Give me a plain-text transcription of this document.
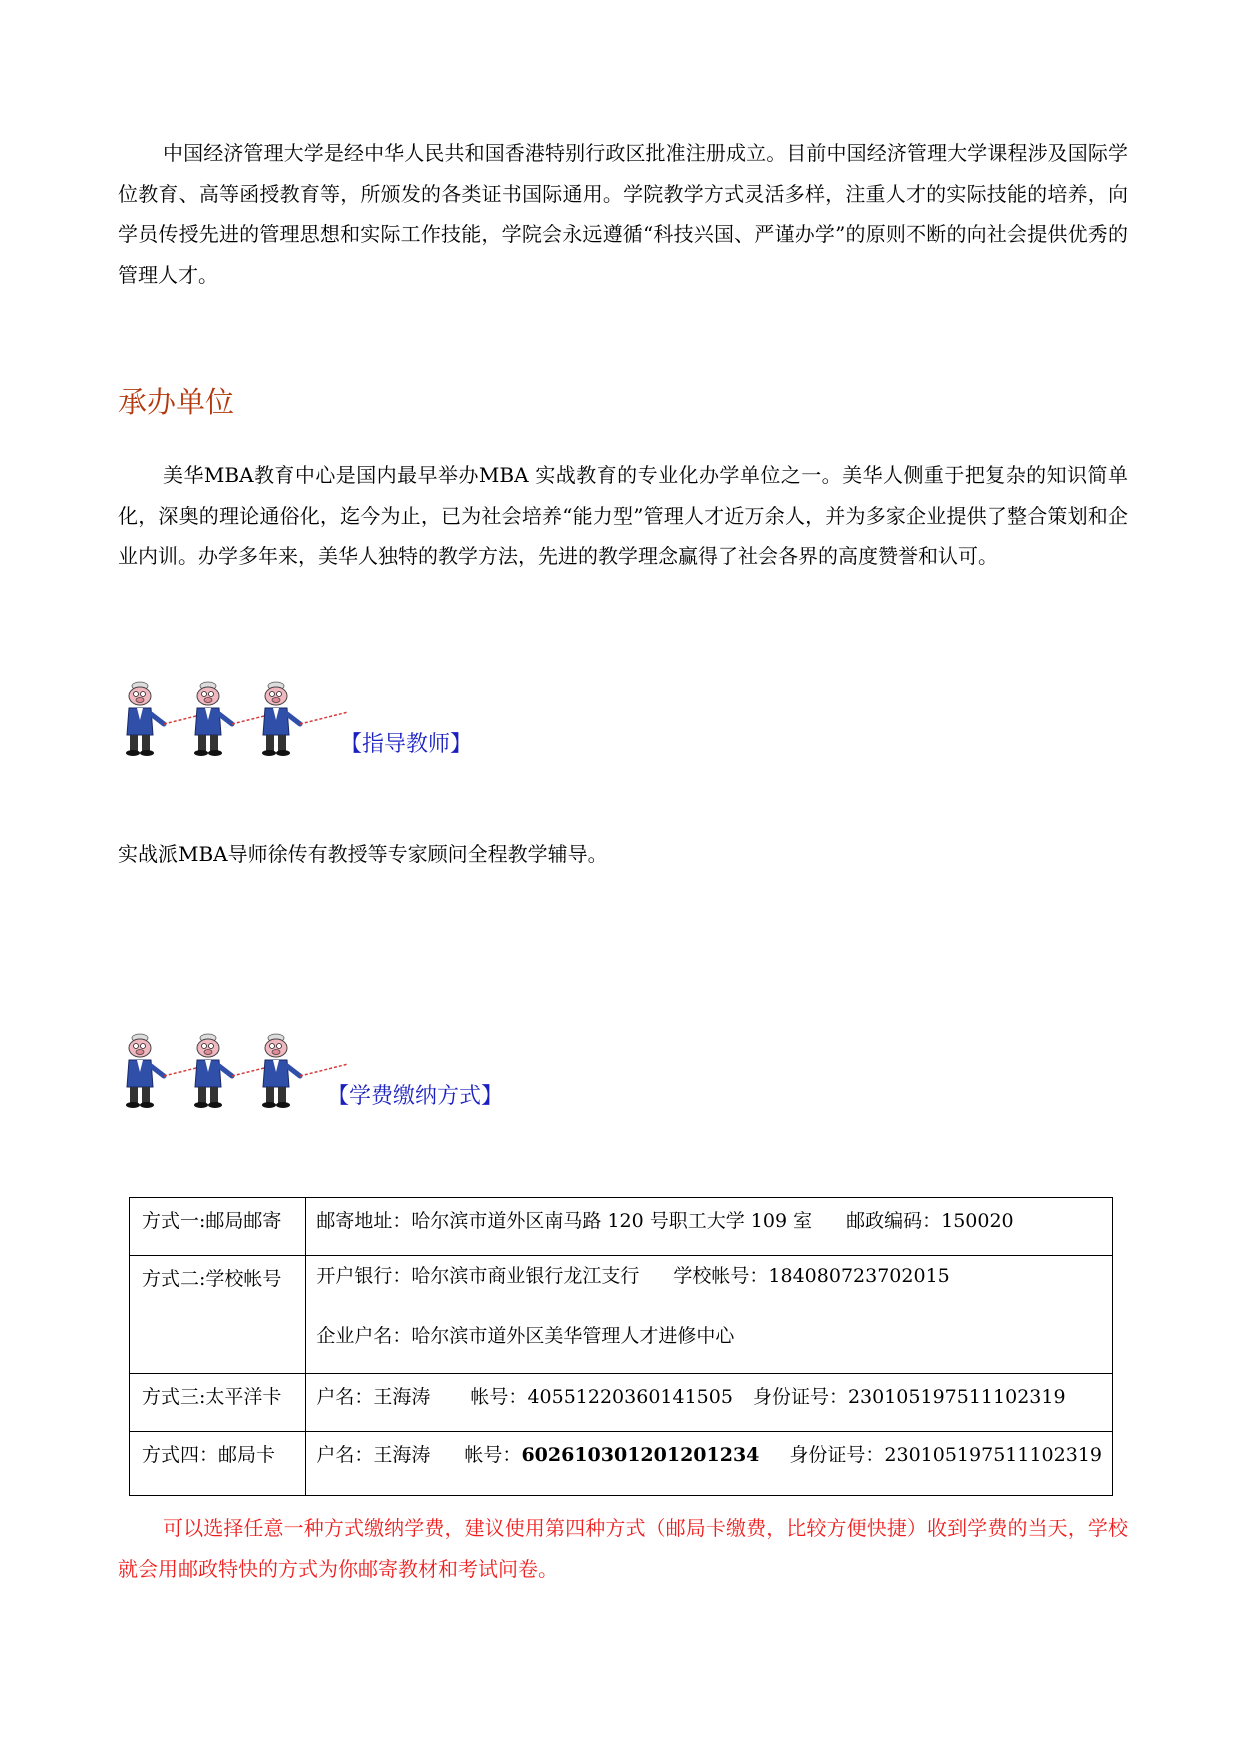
中国经济管理大学是经中华人民共和国香港特别行政区批准注册成立。目前中国经济管理大学课程涉及国际学位教育、高等函授教育等，所颁发的各类证书国际通用。学院教学方式灵活多样，注重人才的实际技能的培养，向学员传授先进的管理思想和实际工作技能，学院会永远遵循“科技兴国、严谨办学”的原则不断的向社会提供优秀的管理人才。

承办单位

美华MBA教育中心是国内最早举办MBA 实战教育的专业化办学单位之一。美华人侧重于把复杂的知识简单化，深奥的理论通俗化，迄今为止，已为社会培养“能力型”管理人才近万余人，并为多家企业提供了整合策划和企业内训。办学多年来，美华人独特的教学方法，先进的教学理念赢得了社会各界的高度赞誉和认可。

【指导教师】

实战派MBA导师徐传有教授等专家顾问全程教学辅导。

【学费缴纳方式】
方式一:邮局邮寄	邮寄地址：哈尔滨市道外区南马路 120 号职工大学 109 室 邮政编码：150020
方式二:学校帐号	开户银行：哈尔滨市商业银行龙江支行 学校帐号：184080723702015
企业户名：哈尔滨市道外区美华管理人才进修中心

方式三:太平洋卡	户名：王海涛 帐号：40551220360141505 身份证号：230105197511102319
方式四：邮局卡	户名：王海涛 帐号：602610301201201234 身份证号：230105197511102319

可以选择任意一种方式缴纳学费，建议使用第四种方式（邮局卡缴费，比较方便快捷）收到学费的当天，学校就会用邮政特快的方式为你邮寄教材和考试问卷。
